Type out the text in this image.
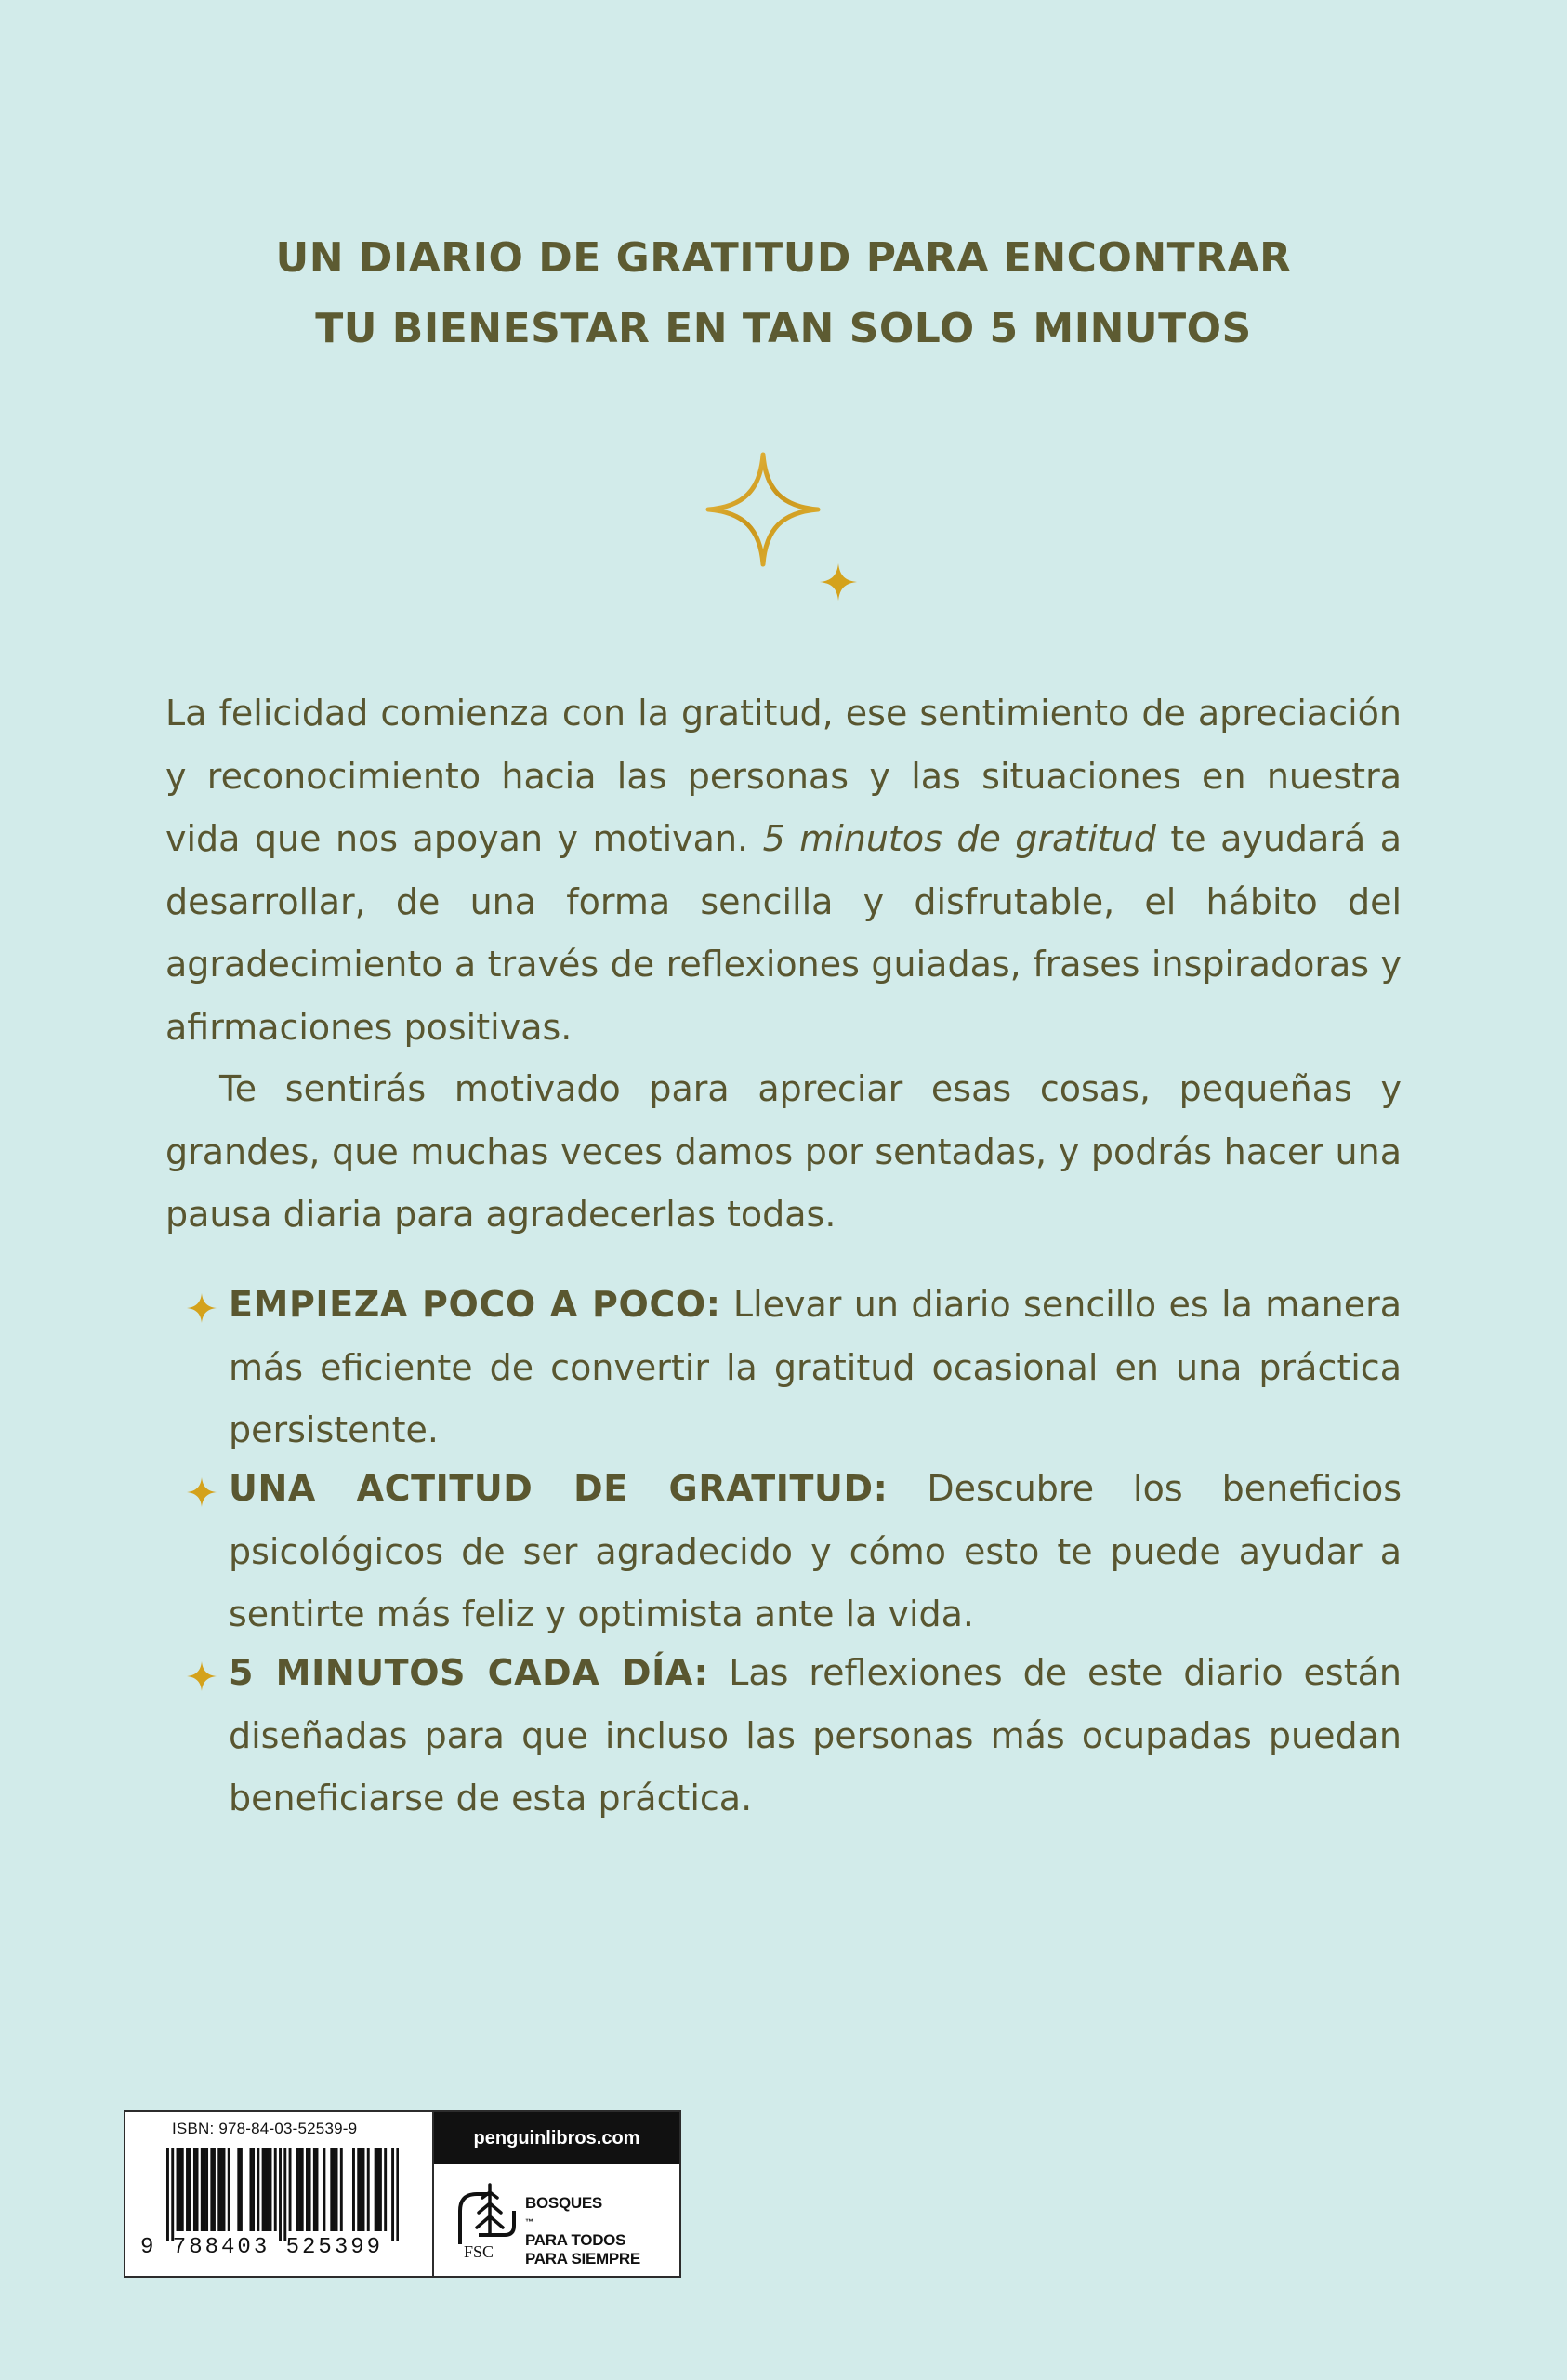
UN DIARIO DE GRATITUD PARA ENCONTRAR
TU BIENESTAR EN TAN SOLO 5 MINUTOS

La felicidad comienza con la gratitud, ese sentimiento de apreciación y reconocimiento hacia las personas y las situaciones en nuestra vida que nos apoyan y motivan. 5 minutos de gratitud te ayudará a desarrollar, de una forma sencilla y disfrutable, el hábito del agradecimiento a través de reflexiones guiadas, frases inspiradoras y afirmaciones positivas.

Te sentirás motivado para apreciar esas cosas, pequeñas y grandes, que muchas veces damos por sentadas, y podrás hacer una pausa diaria para agradecerlas todas.

EMPIEZA POCO A POCO: Llevar un diario sencillo es la manera más eficiente de convertir la gratitud ocasional en una práctica persistente.

UNA ACTITUD DE GRATITUD: Descubre los beneficios psicológicos de ser agradecido y cómo esto te puede ayudar a sentirte más feliz y optimista ante la vida.

5 MINUTOS CADA DÍA: Las reflexiones de este diario están diseñadas para que incluso las personas más ocupadas puedan beneficiarse de esta práctica.

ISBN: 978-84-03-52539-9
9 788403 525399
penguinlibros.com
FSC
BOSQUES
™
PARA TODOS
PARA SIEMPRE
